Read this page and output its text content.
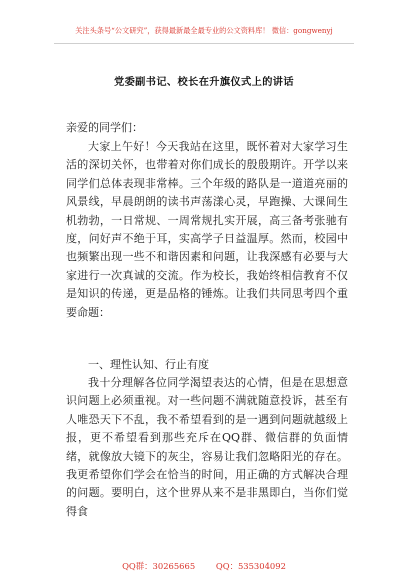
关注头条号“公文研究”，获得最新最全最专业的公文资料库！ 微信：gongwenyj
党委副书记、校长在升旗仪式上的讲话
亲爱的同学们：
大家上午好！今天我站在这里，既怀着对大家学习生活的深切关怀，也带着对你们成长的殷殷期许。开学以来同学们总体表现非常棒。三个年级的路队是一道道亮丽的风景线，早晨朗朗的读书声荡漾心灵，早跑操、大课间生机勃勃，一日常规、一周常规扎实开展，高三备考张驰有度，问好声不绝于耳，实高学子日益温厚。然而，校园中也频繁出现一些不和谐因素和问题，让我深感有必要与大家进行一次真诚的交流。作为校长，我始终相信教育不仅是知识的传递，更是品格的锤炼。让我们共同思考四个重要命题：
一、理性认知、行止有度
我十分理解各位同学渴望表达的心情，但是在思想意识问题上必须重视。对一些问题不满就随意投诉，甚至有人唯恐天下不乱，我不希望看到的是一遇到问题就越级上报，更不希望看到那些充斥在QQ群、微信群的负面情绪，就像放大镜下的灰尘，容易让我们忽略阳光的存在。我更希望你们学会在恰当的时间，用正确的方式解决合理的问题。要明白，这个世界从来不是非黑即白，当你们觉得食
QQ群：30265665 QQ：535304092
